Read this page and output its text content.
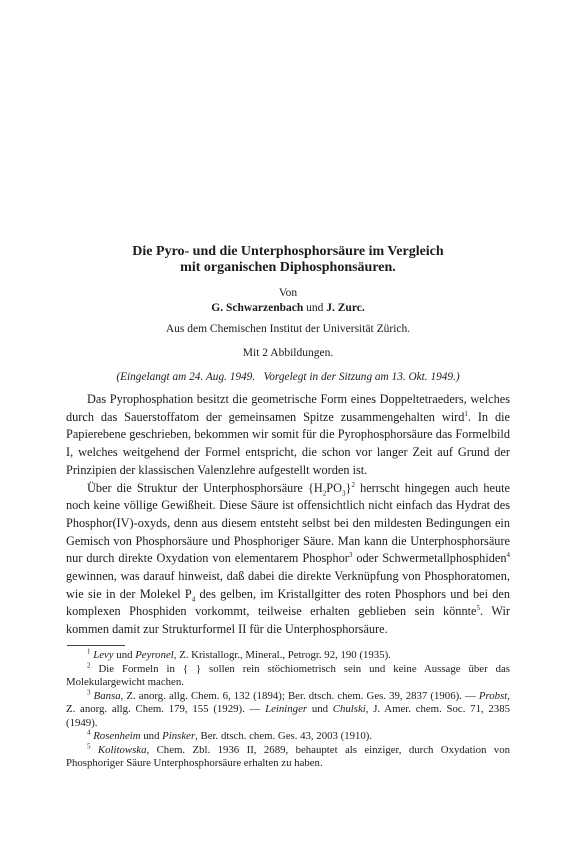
Die Pyro- und die Unterphosphorsäure im Vergleich
mit organischen Diphosphonsäuren.

Von

G. Schwarzenbach und J. Zurc.

Aus dem Chemischen Institut der Universität Zürich.

Mit 2 Abbildungen.

(Eingelangt am 24. Aug. 1949.   Vorgelegt in der Sitzung am 13. Okt. 1949.)

Das Pyrophosphation besitzt die geometrische Form eines Doppeltetraeders, welches durch das Sauerstoffatom der gemeinsamen Spitze zusammengehalten wird$^1$. In die Papierebene geschrieben, bekommen wir somit für die Pyrophosphorsäure das Formelbild I, welches weitgehend der Formel entspricht, die schon vor langer Zeit auf Grund der Prinzipien der klassischen Valenzlehre aufgestellt worden ist.

Über die Struktur der Unterphosphorsäure $\{H_2PO_3\}^2$ herrscht hingegen auch heute noch keine völlige Gewißheit. Diese Säure ist offensichtlich nicht einfach das Hydrat des Phosphor(IV)-oxyds, denn aus diesem entsteht selbst bei den mildesten Bedingungen ein Gemisch von Phosphorsäure und Phosphoriger Säure. Man kann die Unterphosphorsäure nur durch direkte Oxydation von elementarem Phosphor$^3$ oder Schwermetallphosphiden$^4$ gewinnen, was darauf hinweist, daß dabei die direkte Verknüpfung von Phosphoratomen, wie sie in der Molekel $P_4$ des gelben, im Kristallgitter des roten Phosphors und bei den komplexen Phosphiden vorkommt, teilweise erhalten geblieben sein könnte$^5$. Wir kommen damit zur Strukturformel II für die Unterphosphorsäure.

$^1$ Levy und Peyronel, Z. Kristallogr., Mineral., Petrogr. 92, 190 (1935).

$^2$ Die Formeln in { } sollen rein stöchiometrisch sein und keine Aussage über das Molekulargewicht machen.

$^3$ Bansa, Z. anorg. allg. Chem. 6, 132 (1894); Ber. dtsch. chem. Ges. 39, 2837 (1906). — Probst, Z. anorg. allg. Chem. 179, 155 (1929). — Leininger und Chulski, J. Amer. chem. Soc. 71, 2385 (1949).

$^4$ Rosenheim und Pinsker, Ber. dtsch. chem. Ges. 43, 2003 (1910).

$^5$ Kolitowska, Chem. Zbl. 1936 II, 2689, behauptet als einziger, durch Oxydation von Phosphoriger Säure Unterphosphorsäure erhalten zu haben.
